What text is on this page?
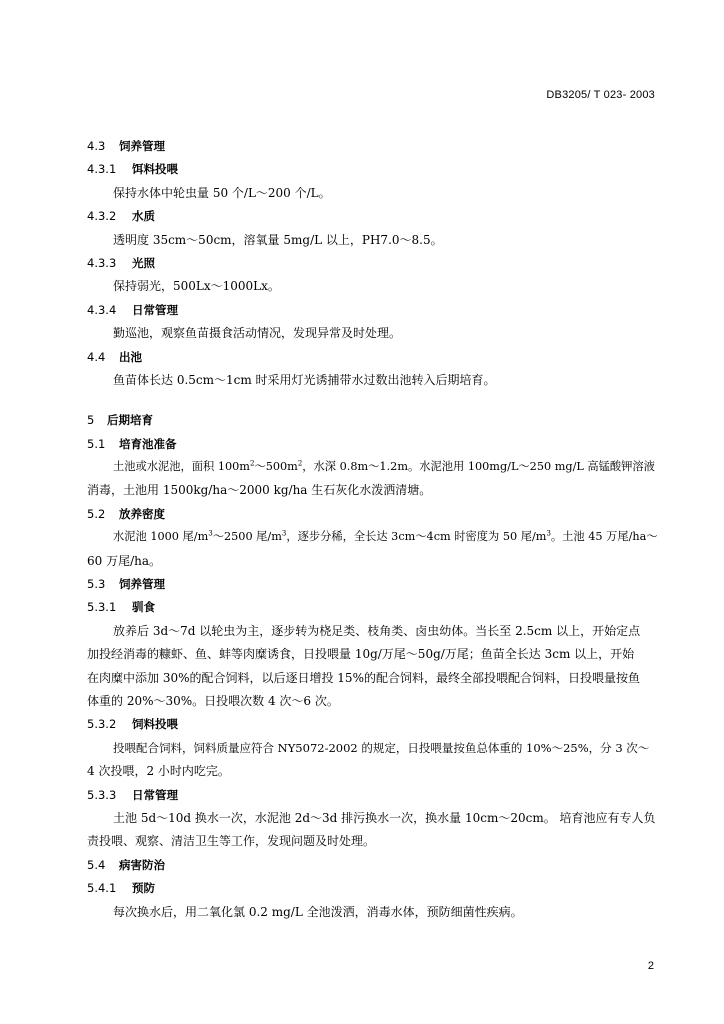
DB3205/ T 023- 2003
4.3 饲养管理
4.3.1 饵料投喂
保持水体中轮虫量 50 个/L～200 个/L。
4.3.2 水质
透明度 35cm～50cm，溶氧量 5mg/L 以上，PH7.0～8.5。
4.3.3 光照
保持弱光，500Lx～1000Lx。
4.3.4 日常管理
勤巡池，观察鱼苗摄食活动情况，发现异常及时处理。
4.4 出池
鱼苗体长达 0.5cm～1cm 时采用灯光诱捕带水过数出池转入后期培育。
5 后期培育
5.1 培育池准备
土池或水泥池，面积 $100m^2\sim 500m^2$，水深 0.8m～1.2m。水泥池用 100mg/L～250 mg/L 高锰酸钾溶液
消毒，土池用 1500kg/ha～2000 kg/ha 生石灰化水泼洒清塘。
5.2 放养密度
水泥池 1000 尾$/m^3\sim 2500$ 尾$/m^3$，逐步分稀，全长达 3cm～4cm 时密度为 50 尾$/m^3$。土池 45 万尾/ha～
60 万尾/ha。
5.3 饲养管理
5.3.1 驯食
放养后 3d～7d 以轮虫为主，逐步转为桡足类、枝角类、卤虫幼体。当长至 2.5cm 以上，开始定点
加投经消毒的糠虾、鱼、蚌等肉糜诱食，日投喂量 10g/万尾～50g/万尾；鱼苗全长达 3cm 以上，开始
在肉糜中添加 30%的配合饲料，以后逐日增投 15%的配合饲料，最终全部投喂配合饲料，日投喂量按鱼
体重的 20%～30%。日投喂次数 4 次～6 次。
5.3.2 饲料投喂
投喂配合饲料，饲料质量应符合 NY5072-2002 的规定，日投喂量按鱼总体重的 10%～25%，分 3 次～
4 次投喂，2 小时内吃完。
5.3.3 日常管理
土池 5d～10d 换水一次，水泥池 2d～3d 排污换水一次，换水量 10cm～20cm。 培育池应有专人负
责投喂、观察、清洁卫生等工作，发现问题及时处理。
5.4 病害防治
5.4.1 预防
每次换水后，用二氧化氯 0.2 mg/L 全池泼洒，消毒水体，预防细菌性疾病。
2
